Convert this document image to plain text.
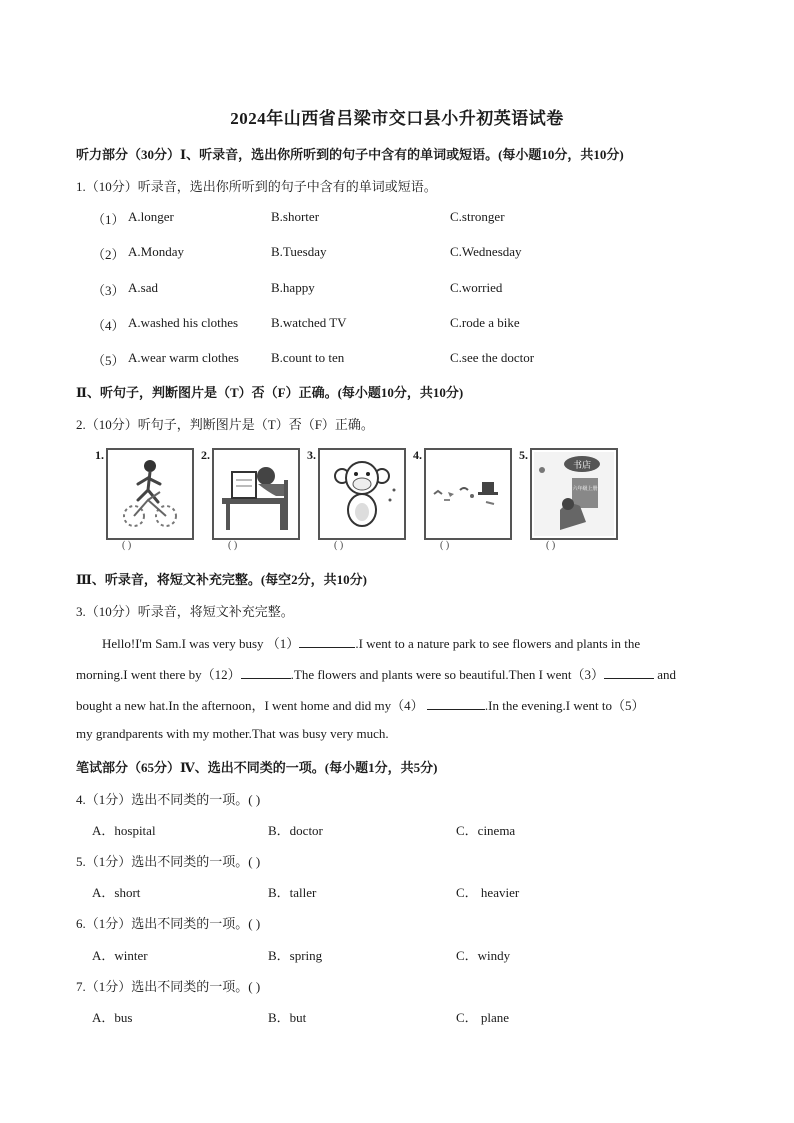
2024年山西省吕梁市交口县小升初英语试卷
听力部分（30分）Ⅰ、听录音，选出你所听到的句子中含有的单词或短语。(每小题10分，共10分)
1.（10分）听录音，选出你所听到的句子中含有的单词或短语。
（1） A.longer	B.shorter	C.stronger
（2） A.Monday	B.Tuesday	C.Wednesday
（3） A.sad	B.happy	C.worried
（4） A.washed his clothes	B.watched TV	C.rode a bike
（5） A.wear warm clothes B.count to ten	C.see the doctor
Ⅱ、听句子，判断图片是（T）否（F）正确。(每小题10分，共10分)
2.（10分）听句子，判断图片是（T）否（F）正确。
1.
( )
2.
( )
3.
( )
4.
( )
5.
书店
六年级上册
( )
Ⅲ、听录音，将短文补充完整。(每空2分，共10分)
3.（10分）听录音，将短文补充完整。
Hello!I'm Sam.I was very busy （1）	.I went to a nature park to see flowers and plants in the
morning.I went there by（12）	.The flowers and plants were so beautiful.Then I went（3）	and
bought a new hat.In the afternoon，I went home and did my（4）	.In the evening.I went to（5）
my grandparents with my mother.That was busy very much.
笔试部分（65分）Ⅳ、选出不同类的一项。(每小题1分，共5分)
4.（1分）选出不同类的一项。( )
A．hospital	B．doctor	C．cinema
5.（1分）选出不同类的一项。( )
A．short	B．taller	C． heavier
6.（1分）选出不同类的一项。( )
A．winter	B．spring	C．windy
7.（1分）选出不同类的一项。( )
A．bus	B．but	C． plane
